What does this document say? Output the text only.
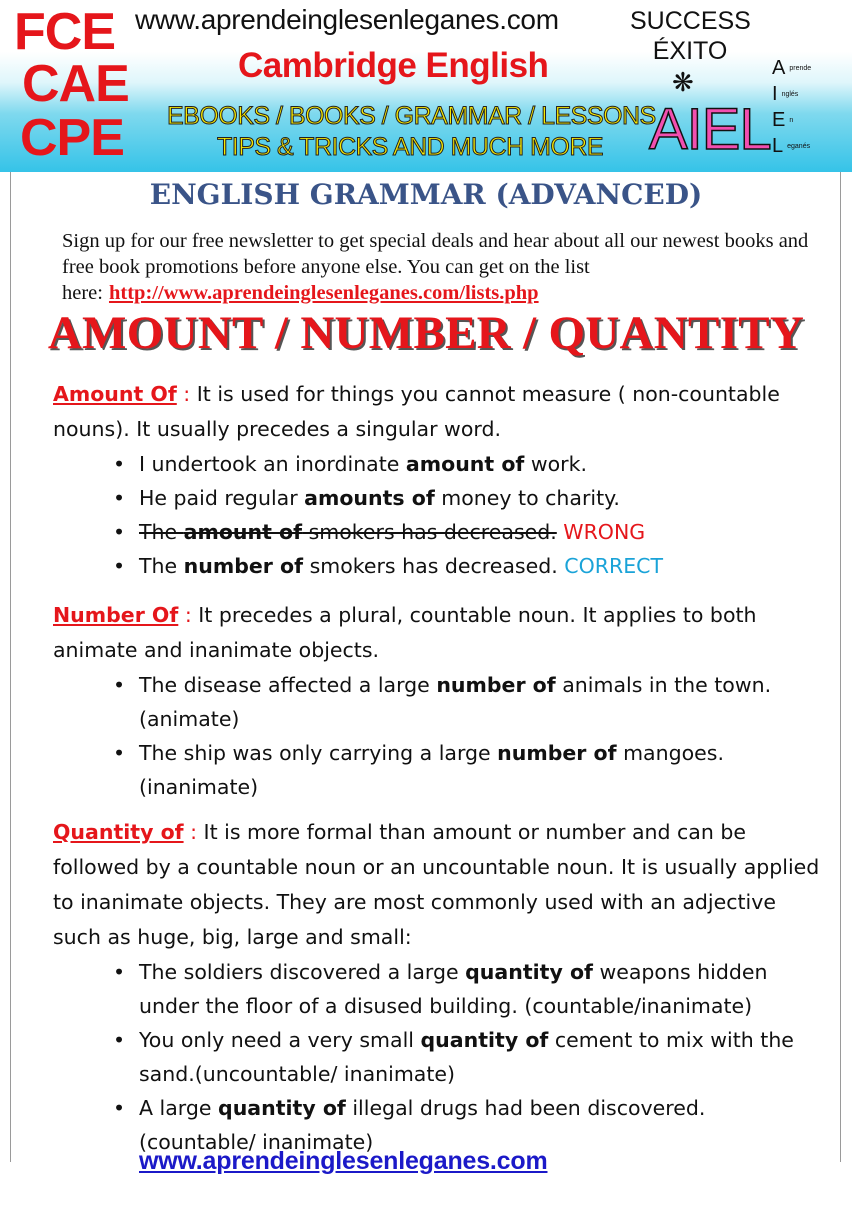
FCE
CAE
CPE
www.aprendeinglesenleganes.com
Cambridge English
SUCCESS
ÉXITO
❋
EBOOKS / BOOKS / GRAMMAR / LESSONS
TIPS & TRICKS AND MUCH MORE AIEL
Aprende
Inglés
En
Leganés
ENGLISH GRAMMAR (ADVANCED)
Sign up for our free newsletter to get special deals and hear about all our newest books and free book promotions before anyone else. You can get on the list here: http://www.aprendeinglesenleganes.com/lists.php
AMOUNT / NUMBER / QUANTITY
Amount Of : It is used for things you cannot measure ( non-countable nouns). It usually precedes a singular word.
• I undertook an inordinate amount of work.
• He paid regular amounts of money to charity.
• The amount of smokers has decreased. WRONG
• The number of smokers has decreased. CORRECT
Number Of : It precedes a plural, countable noun. It applies to both animate and inanimate objects.
• The disease affected a large number of animals in the town. (animate)
• The ship was only carrying a large number of mangoes. (inanimate)
Quantity of : It is more formal than amount or number and can be followed by a countable noun or an uncountable noun. It is usually applied to inanimate objects. They are most commonly used with an adjective such as huge, big, large and small:
• The soldiers discovered a large quantity of weapons hidden under the floor of a disused building. (countable/inanimate)
• You only need a very small quantity of cement to mix with the sand.(uncountable/ inanimate)
• A large quantity of illegal drugs had been discovered. (countable/ inanimate)
www.aprendeinglesenleganes.com
